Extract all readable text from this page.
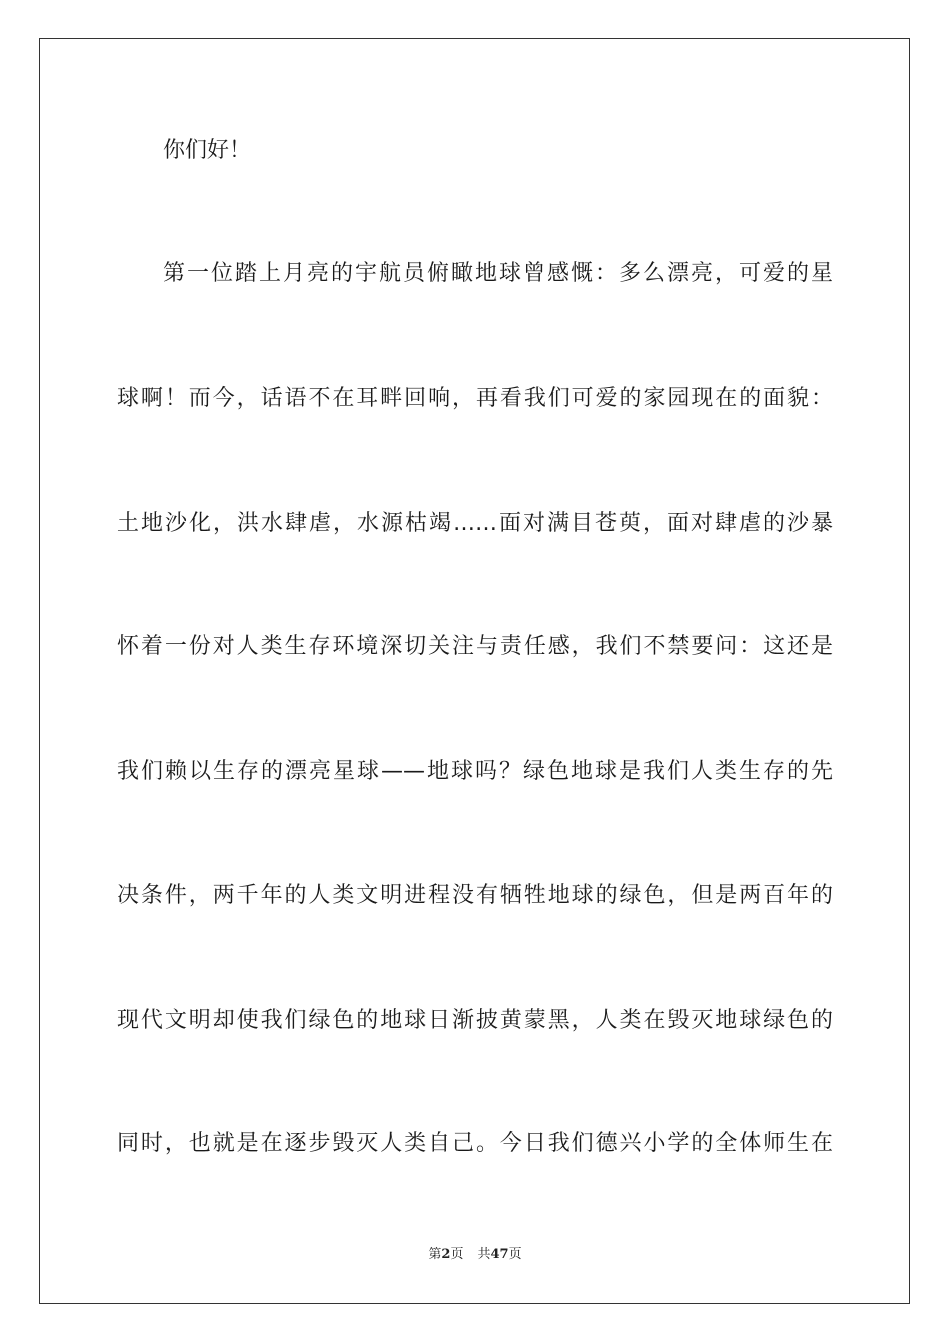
你们好！
第一位踏上月亮的宇航员俯瞰地球曾感慨：多么漂亮，可爱的星
球啊！而今，话语不在耳畔回响，再看我们可爱的家园现在的面貌：
土地沙化，洪水肆虐，水源枯竭……面对满目苍萸，面对肆虐的沙暴
怀着一份对人类生存环境深切关注与责任感，我们不禁要问：这还是
我们赖以生存的漂亮星球——地球吗？绿色地球是我们人类生存的先
决条件，两千年的人类文明进程没有牺牲地球的绿色，但是两百年的
现代文明却使我们绿色的地球日渐披黄蒙黑，人类在毁灭地球绿色的
同时，也就是在逐步毁灭人类自己。今日我们德兴小学的全体师生在
第2页 共47页
